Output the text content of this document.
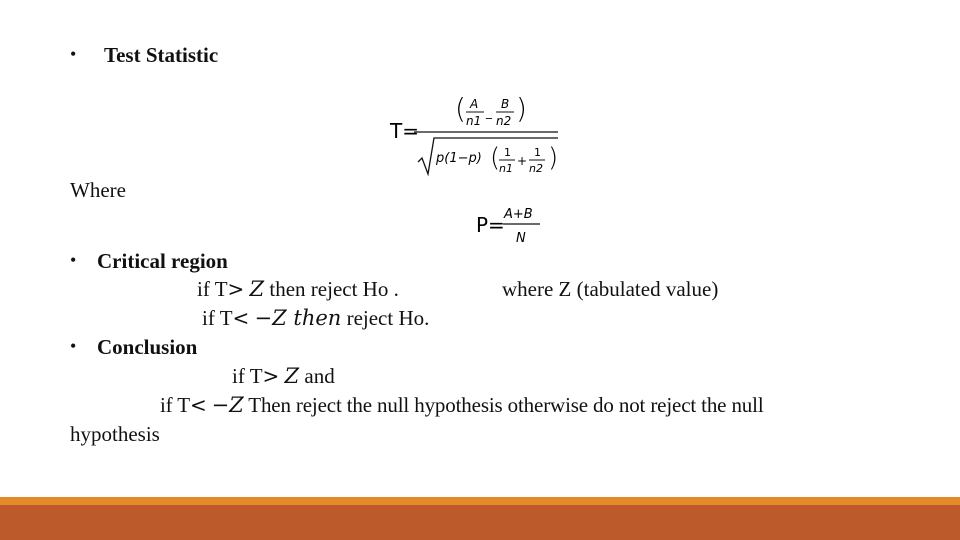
• Test Statistic
T=
( A
n1
_
B
n2 )
p(1−p) ( 1
n1
+
1
n2 )
Where
P= A+B
N
• Critical region
if T> Z then reject Ho .	where Z (tabulated value)
if T< −Z then reject Ho.
• Conclusion
if T> Z and
if T< −Z Then reject the null hypothesis otherwise do not reject the null
hypothesis
